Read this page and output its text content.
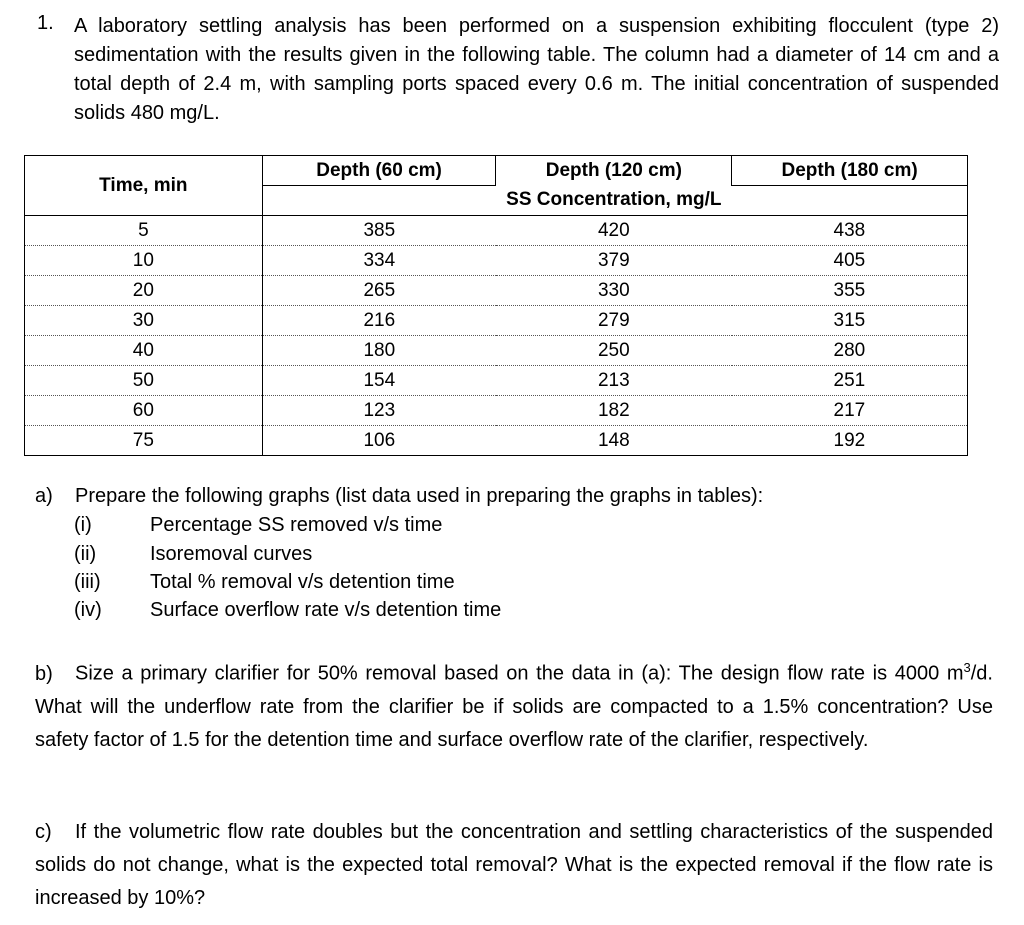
1. A laboratory settling analysis has been performed on a suspension exhibiting flocculent (type 2) sedimentation with the results given in the following table. The column had a diameter of 14 cm and a total depth of 2.4 m, with sampling ports spaced every 0.6 m. The initial concentration of suspended solids 480 mg/L.
Time, min	Depth (60 cm)	Depth (120 cm)	Depth (180 cm)
		SS Concentration, mg/L	
5	385	420	438
10	334	379	405
20	265	330	355
30	216	279	315
40	180	250	280
50	154	213	251
60	123	182	217
75	106	148	192
a) Prepare the following graphs (list data used in preparing the graphs in tables):
(i)	Percentage SS removed v/s time
(ii)	Isoremoval curves
(iii) Total % removal v/s detention time
(iv) Surface overflow rate v/s detention time
b) Size a primary clarifier for 50% removal based on the data in (a): The design flow rate is 4000 $m^3/d$. What will the underflow rate from the clarifier be if solids are compacted to a 1.5% concentration? Use safety factor of 1.5 for the detention time and surface overflow rate of the clarifier, respectively.
c) If the volumetric flow rate doubles but the concentration and settling characteristics of the suspended solids do not change, what is the expected total removal? What is the expected removal if the flow rate is increased by 10%?
